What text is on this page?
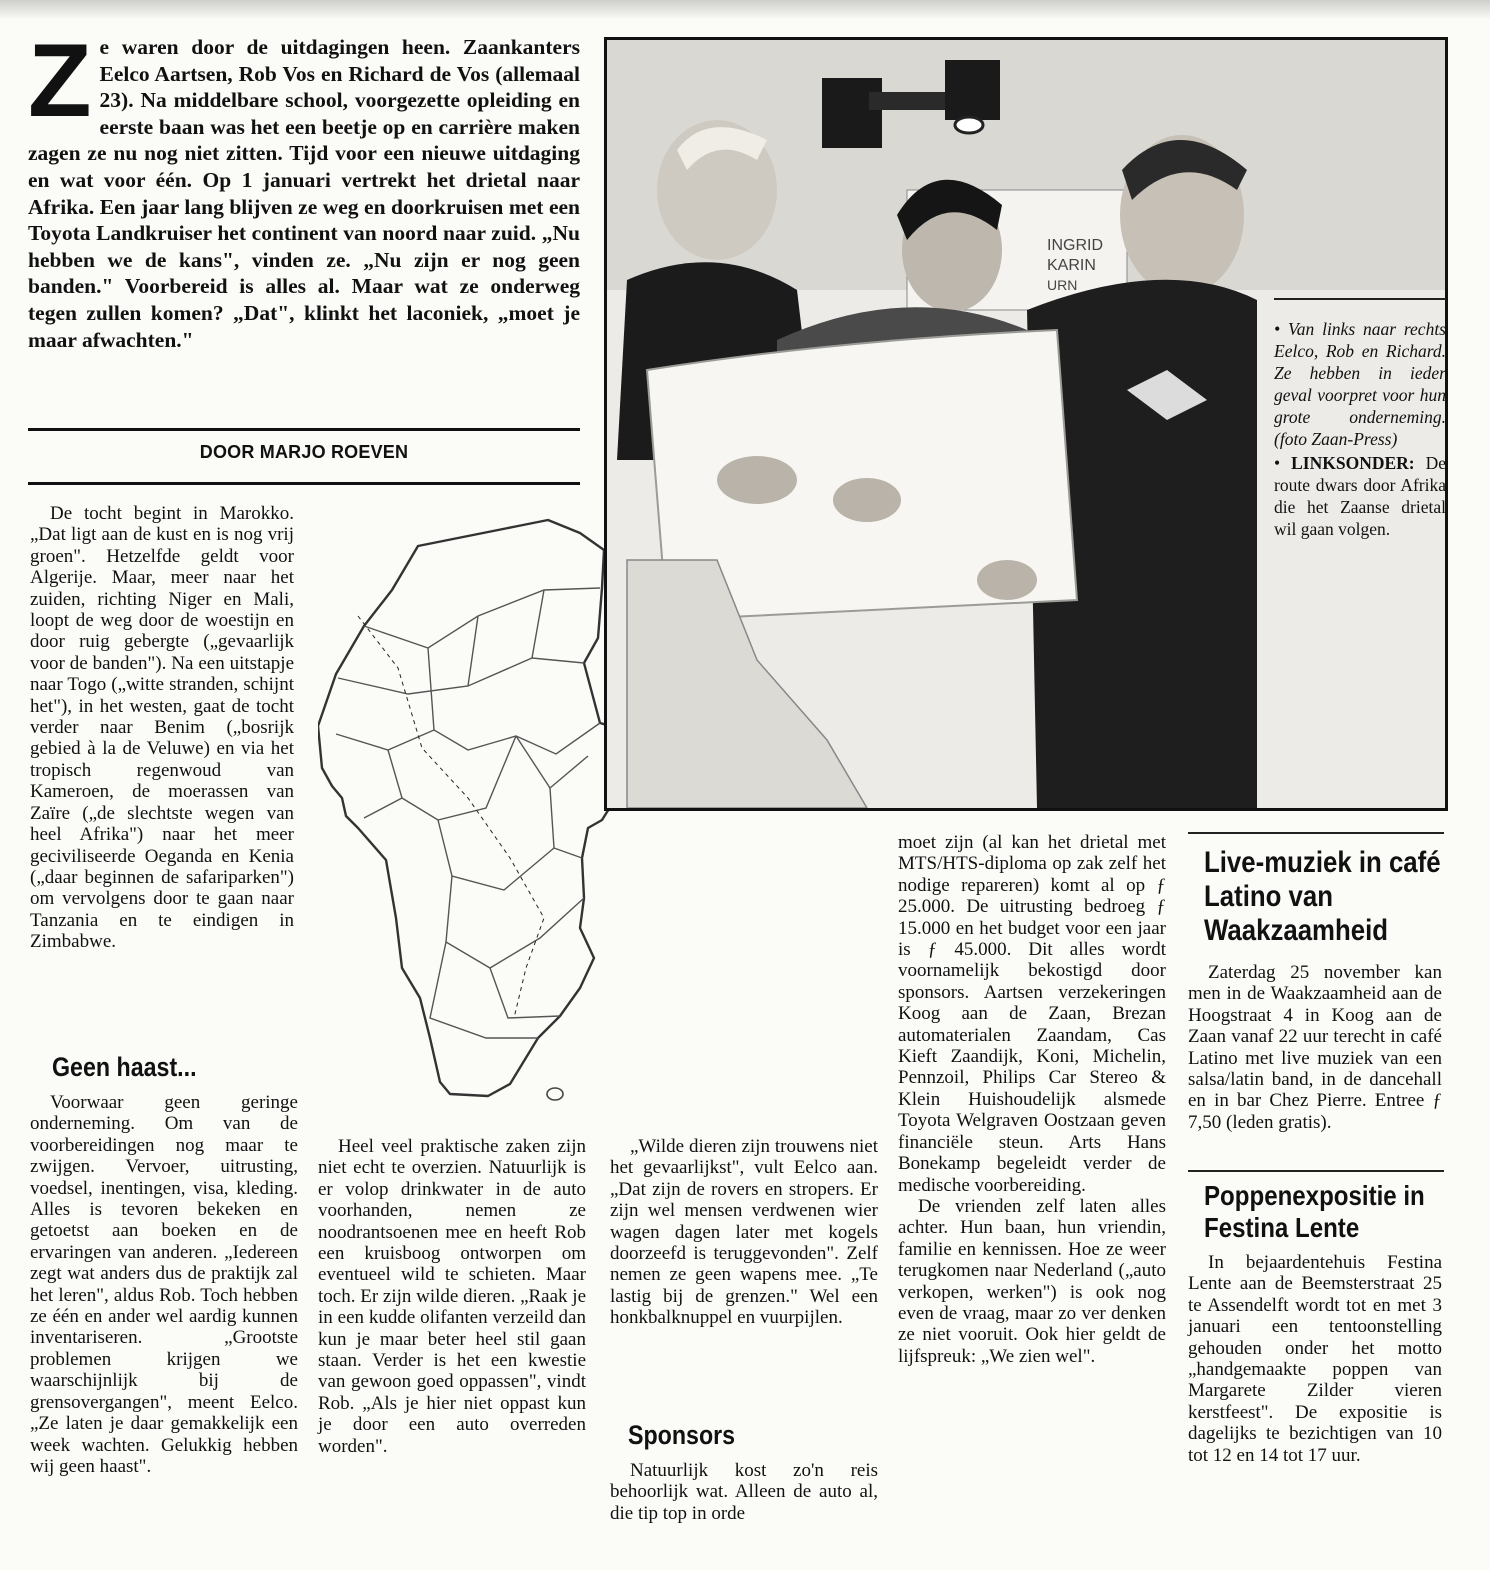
Z e waren door de uitdagingen heen. Zaankanters Eelco Aartsen, Rob Vos en Richard de Vos (allemaal 23). Na middelbare school, voorgezette opleiding en eerste baan was het een beetje op en carrière maken zagen ze nu nog niet zitten. Tijd voor een nieuwe uitdaging en wat voor één. Op 1 januari vertrekt het drietal naar Afrika. Een jaar lang blijven ze weg en doorkruisen met een Toyota Landkruiser het continent van noord naar zuid. „Nu hebben we de kans", vinden ze. „Nu zijn er nog geen banden." Voorbereid is alles al. Maar wat ze onderweg tegen zullen komen? „Dat", klinkt het laconiek, „moet je maar afwachten."
DOOR MARJO ROEVEN

De tocht begint in Marokko. „Dat ligt aan de kust en is nog vrij groen". Hetzelfde geldt voor Algerije. Maar, meer naar het zuiden, richting Niger en Mali, loopt de weg door de woestijn en door ruig gebergte („gevaarlijk voor de banden"). Na een uitstapje naar Togo („witte stranden, schijnt het"), in het westen, gaat de tocht verder naar Benim („bosrijk gebied à la de Veluwe) en via het tropisch regenwoud van Kameroen, de moerassen van Zaïre („de slechtste wegen van heel Afrika") naar het meer geciviliseerde Oeganda en Kenia („daar beginnen de safariparken") om vervolgens door te gaan naar Tanzania en te eindigen in Zimbabwe.

Geen haast...

Voorwaar geen geringe onderneming. Om van de voorbereidingen nog maar te zwijgen. Vervoer, uitrusting, voedsel, inentingen, visa, kleding. Alles is tevoren bekeken en getoetst aan boeken en de ervaringen van anderen. „Iedereen zegt wat anders dus de praktijk zal het leren", aldus Rob. Toch hebben ze één en ander wel aardig kunnen inventariseren. „Grootste problemen krijgen we waarschijnlijk bij de grensovergangen", meent Eelco. „Ze laten je daar gemakkelijk een week wachten. Gelukkig hebben wij geen haast".

Heel veel praktische zaken zijn niet echt te overzien. Natuurlijk is er volop drinkwater in de auto voorhanden, nemen ze noodrantsoenen mee en heeft Rob een kruisboog ontworpen om eventueel wild te schieten. Maar toch. Er zijn wilde dieren. „Raak je in een kudde olifanten verzeild dan kun je maar beter heel stil gaan staan. Verder is het een kwestie van gewoon goed oppassen", vindt Rob. „Als je hier niet oppast kun je door een auto overreden worden".

„Wilde dieren zijn trouwens niet het gevaarlijkst", vult Eelco aan. „Dat zijn de rovers en stropers. Er zijn wel mensen verdwenen wier wagen dagen later met kogels doorzeefd is teruggevonden". Zelf nemen ze geen wapens mee. „Te lastig bij de grenzen." Wel een honkbalknuppel en vuurpijlen.

Sponsors

Natuurlijk kost zo'n reis behoorlijk wat. Alleen de auto al, die tip top in orde

moet zijn (al kan het drietal met MTS/HTS-diploma op zak zelf het nodige repareren) komt al op ƒ 25.000. De uitrusting bedroeg ƒ 15.000 en het budget voor een jaar is ƒ 45.000. Dit alles wordt voornamelijk bekostigd door sponsors. Aartsen verzekeringen Koog aan de Zaan, Brezan automaterialen Zaandam, Cas Kieft Zaandijk, Koni, Michelin, Pennzoil, Philips Car Stereo & Klein Huishoudelijk alsmede Toyota Welgraven Oostzaan geven financiële steun. Arts Hans Bonekamp begeleidt verder de medische voorbereiding.

De vrienden zelf laten alles achter. Hun baan, hun vriendin, familie en kennissen. Hoe ze weer terugkomen naar Nederland („auto verkopen, werken") is ook nog even de vraag, maar zo ver denken ze niet vooruit. Ook hier geldt de lijfspreuk: „We zien wel".

INGRID
KARIN
URN
• Van links naar rechts Eelco, Rob en Richard. Ze hebben in ieder geval voorpret voor hun grote onderneming. (foto Zaan-Press)
• LINKSONDER: De route dwars door Afrika die het Zaanse drietal wil gaan volgen.
Live-muziek in café Latino van Waakzaamheid

Zaterdag 25 november kan men in de Waakzaamheid aan de Hoogstraat 4 in Koog aan de Zaan vanaf 22 uur terecht in café Latino met live muziek van een salsa/latin band, in de dancehall en in bar Chez Pierre. Entree ƒ 7,50 (leden gratis).

Poppenexpositie in Festina Lente

In bejaardentehuis Festina Lente aan de Beemsterstraat 25 te Assendelft wordt tot en met 3 januari een tentoonstelling gehouden onder het motto „handgemaakte poppen van Margarete Zilder vieren kerstfeest". De expositie is dagelijks te bezichtigen van 10 tot 12 en 14 tot 17 uur.
